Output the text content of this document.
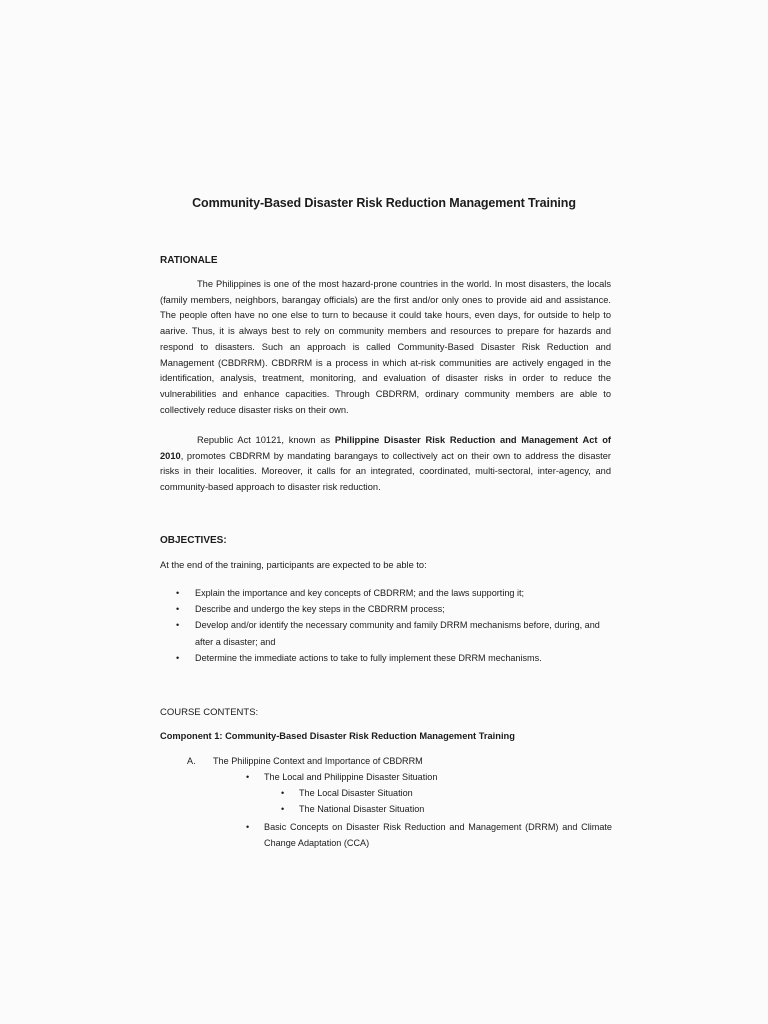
Community-Based Disaster Risk Reduction Management Training
RATIONALE

The Philippines is one of the most hazard-prone countries in the world. In most disasters, the locals (family members, neighbors, barangay officials) are the first and/or only ones to provide aid and assistance. The people often have no one else to turn to because it could take hours, even days, for outside to help to aarive. Thus, it is always best to rely on community members and resources to prepare for hazards and respond to disasters. Such an approach is called Community-Based Disaster Risk Reduction and Management (CBDRRM). CBDRRM is a process in which at-risk communities are actively engaged in the identification, analysis, treatment, monitoring, and evaluation of disaster risks in order to reduce the vulnerabilities and enhance capacities. Through CBDRRM, ordinary community members are able to collectively reduce disaster risks on their own.

Republic Act 10121, known as Philippine Disaster Risk Reduction and Management Act of 2010, promotes CBDRRM by mandating barangays to collectively act on their own to address the disaster risks in their localities. Moreover, it calls for an integrated, coordinated, multi-sectoral, inter-agency, and community-based approach to disaster risk reduction.

OBJECTIVES:
At the end of the training, participants are expected to be able to:
• Explain the importance and key concepts of CBDRRM; and the laws supporting it;
• Describe and undergo the key steps in the CBDRRM process;
• Develop and/or identify the necessary community and family DRRM mechanisms before, during, and after a disaster; and
• Determine the immediate actions to take to fully implement these DRRM mechanisms.
COURSE CONTENTS:
Component 1: Community-Based Disaster Risk Reduction Management Training
A. The Philippine Context and Importance of CBDRRM
• The Local and Philippine Disaster Situation
• The Local Disaster Situation
• The National Disaster Situation
• Basic Concepts on Disaster Risk Reduction and Management (DRRM) and Climate Change Adaptation (CCA)
